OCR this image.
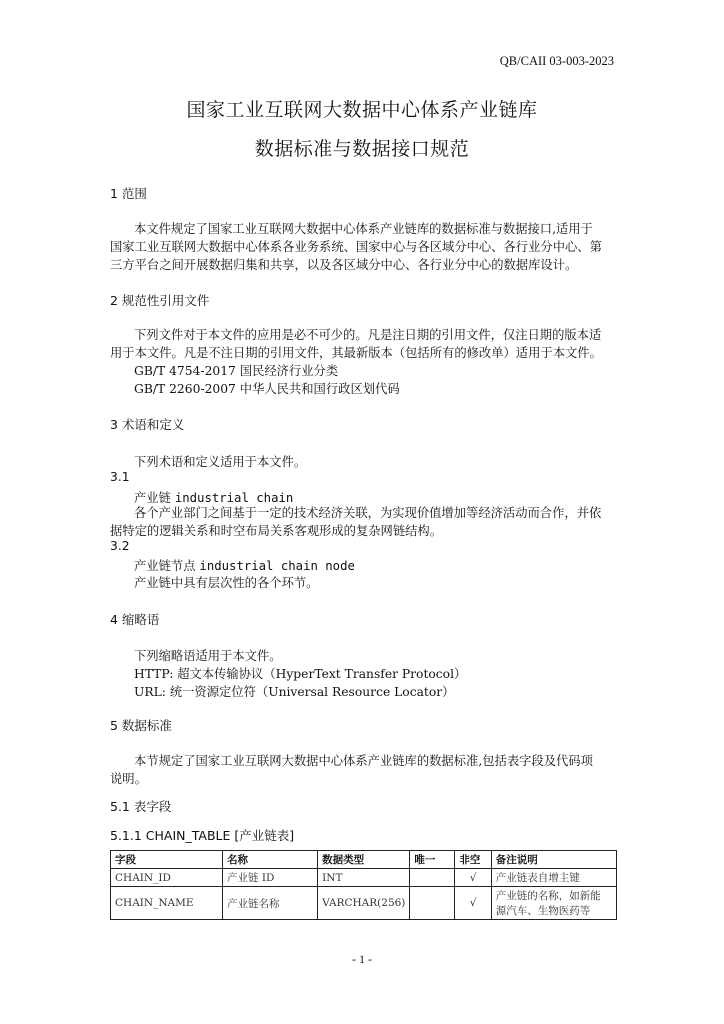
QB/CAII 03-003-2023
国家工业互联网大数据中心体系产业链库
数据标准与数据接口规范
1 范围
本文件规定了国家工业互联网大数据中心体系产业链库的数据标准与数据接口,适用于
国家工业互联网大数据中心体系各业务系统、国家中心与各区域分中心、各行业分中心、第
三方平台之间开展数据归集和共享，以及各区域分中心、各行业分中心的数据库设计。
2 规范性引用文件
下列文件对于本文件的应用是必不可少的。凡是注日期的引用文件，仅注日期的版本适
用于本文件。凡是不注日期的引用文件，其最新版本（包括所有的修改单）适用于本文件。
GB/T 4754-2017 国民经济行业分类
GB/T 2260-2007 中华人民共和国行政区划代码
3 术语和定义
下列术语和定义适用于本文件。
3.1
产业链 industrial chain
各个产业部门之间基于一定的技术经济关联，为实现价值增加等经济活动而合作，并依
据特定的逻辑关系和时空布局关系客观形成的复杂网链结构。
3.2
产业链节点 industrial chain node
产业链中具有层次性的各个环节。
4 缩略语
下列缩略语适用于本文件。
HTTP: 超文本传输协议（HyperText Transfer Protocol）
URL: 统一资源定位符（Universal Resource Locator）
5 数据标准
本节规定了国家工业互联网大数据中心体系产业链库的数据标准,包括表字段及代码项
说明。
5.1 表字段
5.1.1 CHAIN_TABLE [产业链表]
字段	名称	数据类型	唯一	非空	备注说明
CHAIN_ID	产业链 ID	INT		√	产业链表自增主键
CHAIN_NAME	产业链名称	VARCHAR(256)		√	产业链的名称，如新能
源汽车、生物医药等
- 1 -
